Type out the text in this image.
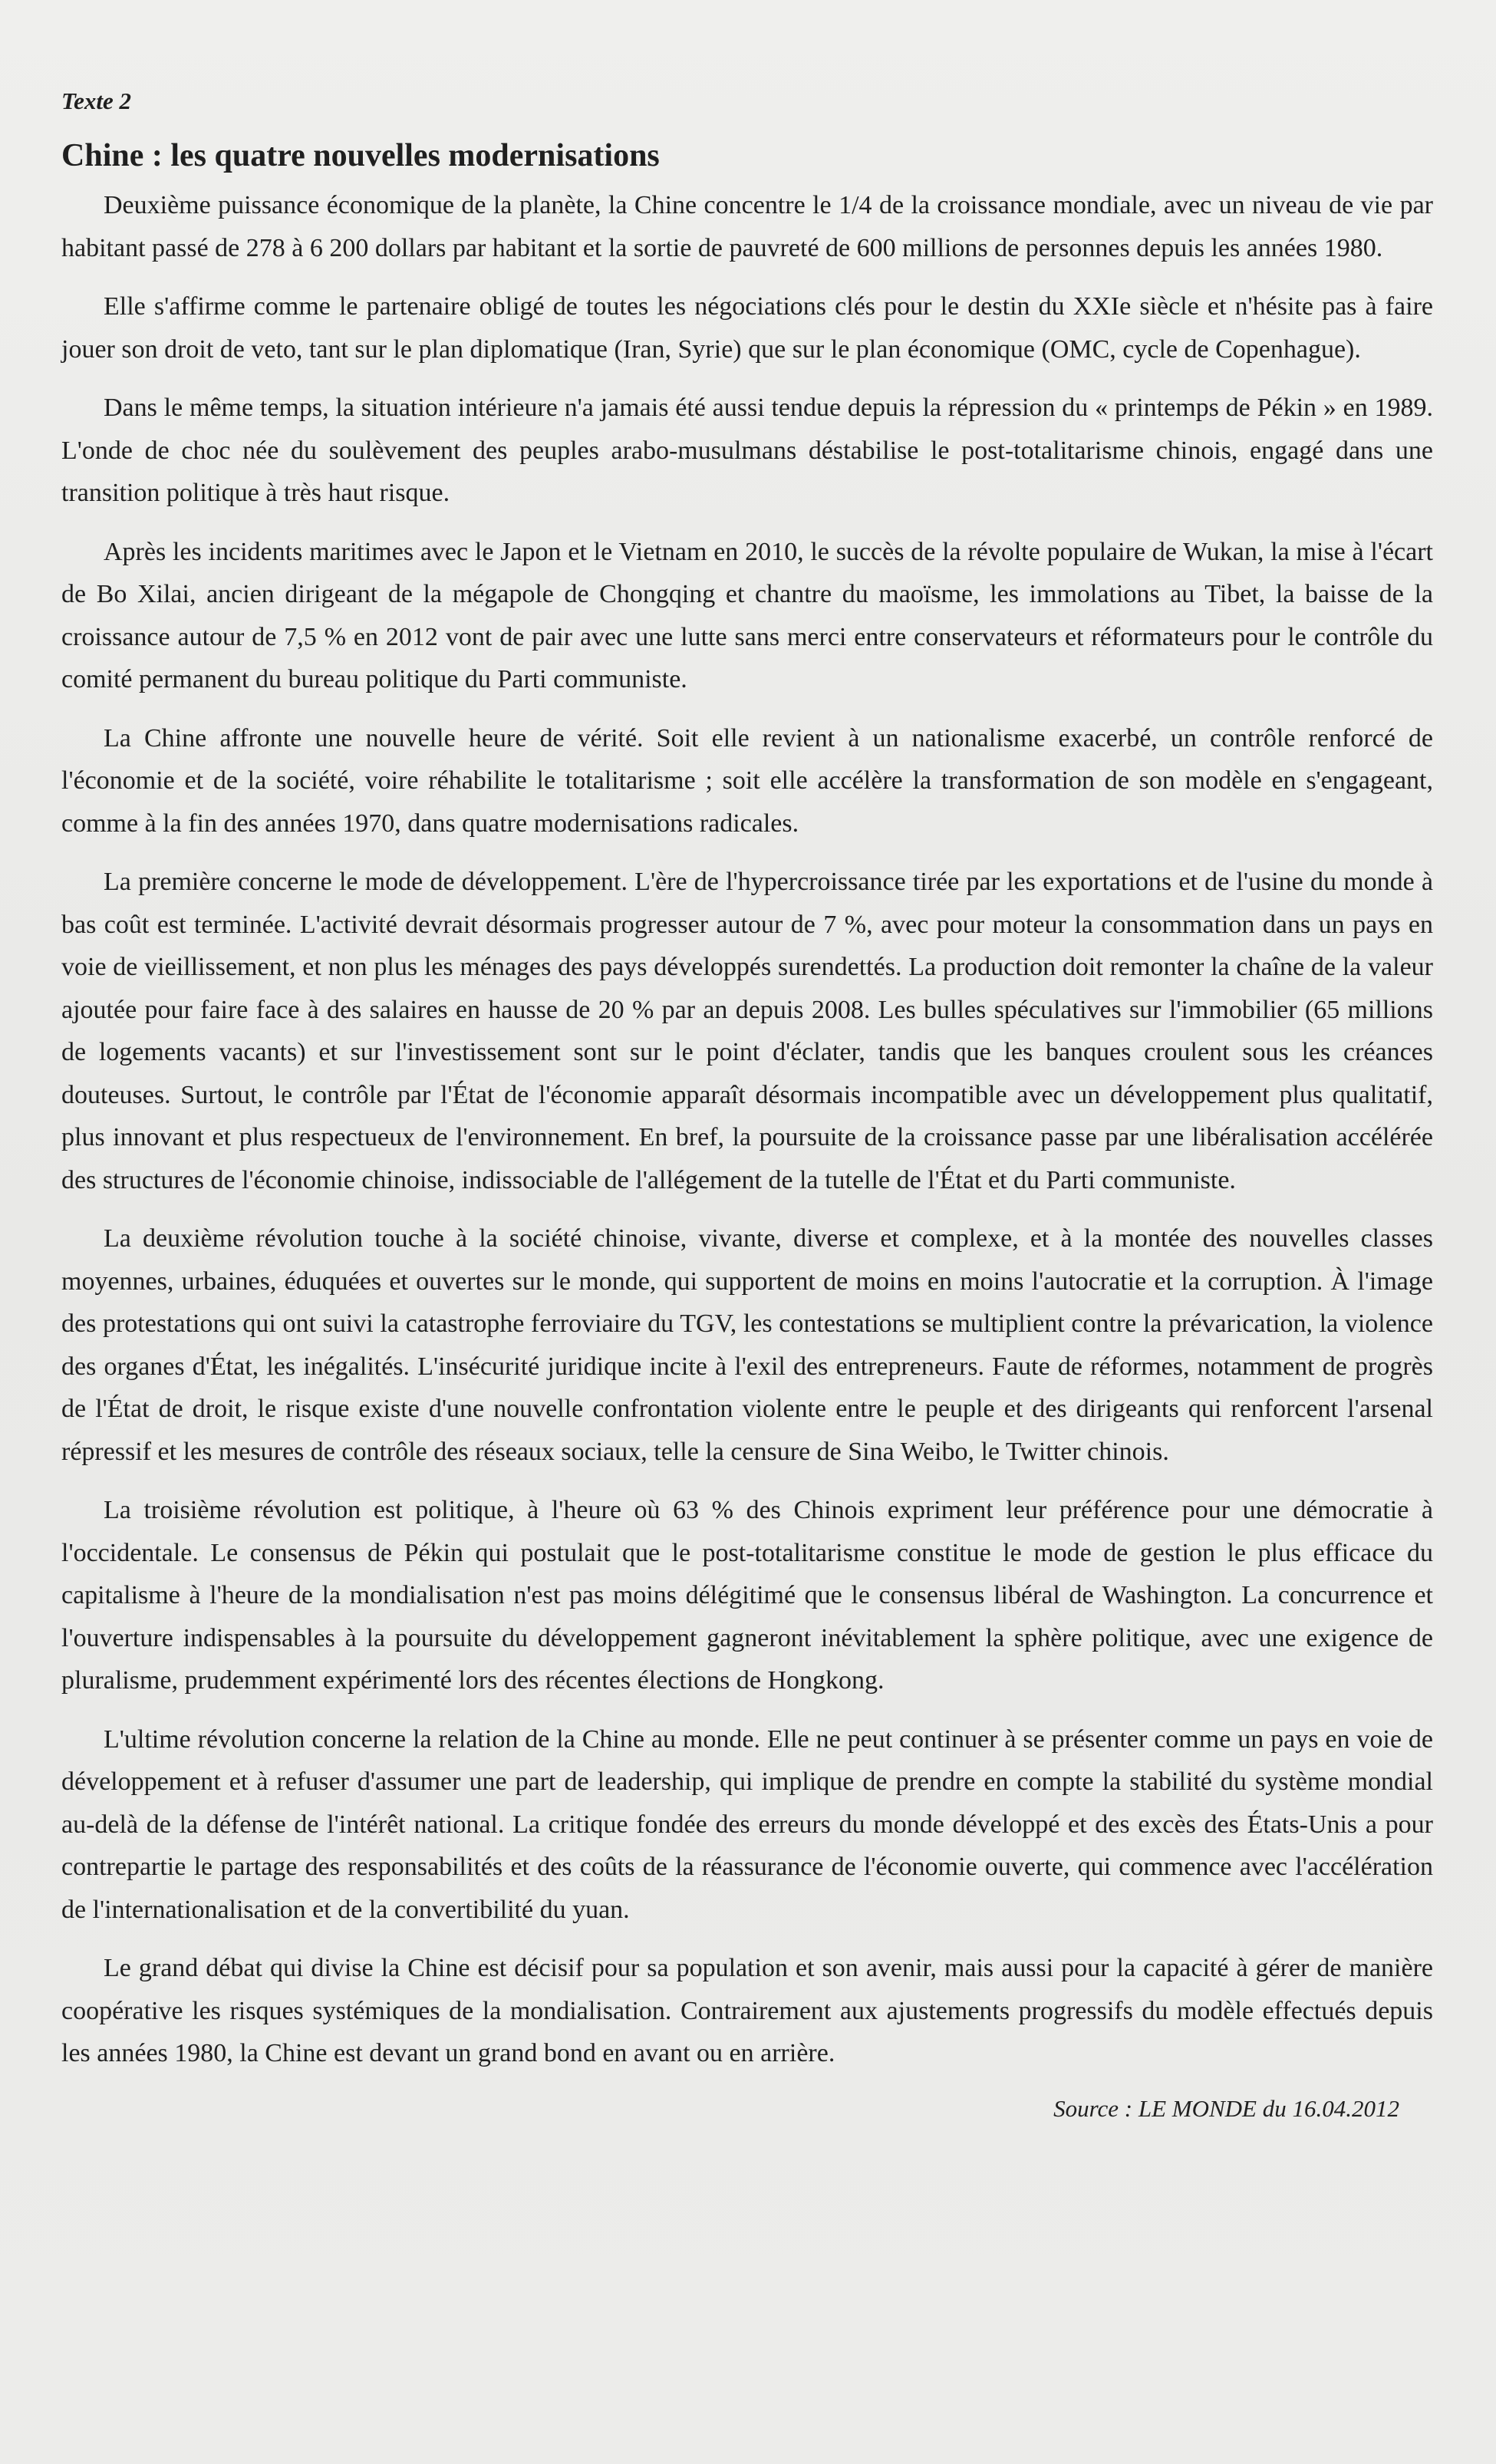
Texte 2
Chine : les quatre nouvelles modernisations

Deuxième puissance économique de la planète, la Chine concentre le 1/4 de la croissance mondiale, avec un niveau de vie par habitant passé de 278 à 6 200 dollars par habitant et la sortie de pauvreté de 600 millions de personnes depuis les années 1980.

Elle s'affirme comme le partenaire obligé de toutes les négociations clés pour le destin du XXIe siècle et n'hésite pas à faire jouer son droit de veto, tant sur le plan diplomatique (Iran, Syrie) que sur le plan économique (OMC, cycle de Copenhague).

Dans le même temps, la situation intérieure n'a jamais été aussi tendue depuis la répression du « printemps de Pékin » en 1989. L'onde de choc née du soulèvement des peuples arabo-musulmans déstabilise le post-totalitarisme chinois, engagé dans une transition politique à très haut risque.

Après les incidents maritimes avec le Japon et le Vietnam en 2010, le succès de la révolte populaire de Wukan, la mise à l'écart de Bo Xilai, ancien dirigeant de la mégapole de Chongqing et chantre du maoïsme, les immolations au Tibet, la baisse de la croissance autour de 7,5 % en 2012 vont de pair avec une lutte sans merci entre conservateurs et réformateurs pour le contrôle du comité permanent du bureau politique du Parti communiste.

La Chine affronte une nouvelle heure de vérité. Soit elle revient à un nationalisme exacerbé, un contrôle renforcé de l'économie et de la société, voire réhabilite le totalitarisme ; soit elle accélère la transformation de son modèle en s'engageant, comme à la fin des années 1970, dans quatre modernisations radicales.

La première concerne le mode de développement. L'ère de l'hypercroissance tirée par les exportations et de l'usine du monde à bas coût est terminée. L'activité devrait désormais progresser autour de 7 %, avec pour moteur la consommation dans un pays en voie de vieillissement, et non plus les ménages des pays développés surendettés. La production doit remonter la chaîne de la valeur ajoutée pour faire face à des salaires en hausse de 20 % par an depuis 2008. Les bulles spéculatives sur l'immobilier (65 millions de logements vacants) et sur l'investissement sont sur le point d'éclater, tandis que les banques croulent sous les créances douteuses. Surtout, le contrôle par l'État de l'économie apparaît désormais incompatible avec un développement plus qualitatif, plus innovant et plus respectueux de l'environnement. En bref, la poursuite de la croissance passe par une libéralisation accélérée des structures de l'économie chinoise, indissociable de l'allégement de la tutelle de l'État et du Parti communiste.

La deuxième révolution touche à la société chinoise, vivante, diverse et complexe, et à la montée des nouvelles classes moyennes, urbaines, éduquées et ouvertes sur le monde, qui supportent de moins en moins l'autocratie et la corruption. À l'image des protestations qui ont suivi la catastrophe ferroviaire du TGV, les contestations se multiplient contre la prévarication, la violence des organes d'État, les inégalités. L'insécurité juridique incite à l'exil des entrepreneurs. Faute de réformes, notamment de progrès de l'État de droit, le risque existe d'une nouvelle confrontation violente entre le peuple et des dirigeants qui renforcent l'arsenal répressif et les mesures de contrôle des réseaux sociaux, telle la censure de Sina Weibo, le Twitter chinois.

La troisième révolution est politique, à l'heure où 63 % des Chinois expriment leur préférence pour une démocratie à l'occidentale. Le consensus de Pékin qui postulait que le post-totalitarisme constitue le mode de gestion le plus efficace du capitalisme à l'heure de la mondialisation n'est pas moins délégitimé que le consensus libéral de Washington. La concurrence et l'ouverture indispensables à la poursuite du développement gagneront inévitablement la sphère politique, avec une exigence de pluralisme, prudemment expérimenté lors des récentes élections de Hongkong.

L'ultime révolution concerne la relation de la Chine au monde. Elle ne peut continuer à se présenter comme un pays en voie de développement et à refuser d'assumer une part de leadership, qui implique de prendre en compte la stabilité du système mondial au-delà de la défense de l'intérêt national. La critique fondée des erreurs du monde développé et des excès des États-Unis a pour contrepartie le partage des responsabilités et des coûts de la réassurance de l'économie ouverte, qui commence avec l'accélération de l'internationalisation et de la convertibilité du yuan.

Le grand débat qui divise la Chine est décisif pour sa population et son avenir, mais aussi pour la capacité à gérer de manière coopérative les risques systémiques de la mondialisation. Contrairement aux ajustements progressifs du modèle effectués depuis les années 1980, la Chine est devant un grand bond en avant ou en arrière.

Source : LE MONDE du 16.04.2012
